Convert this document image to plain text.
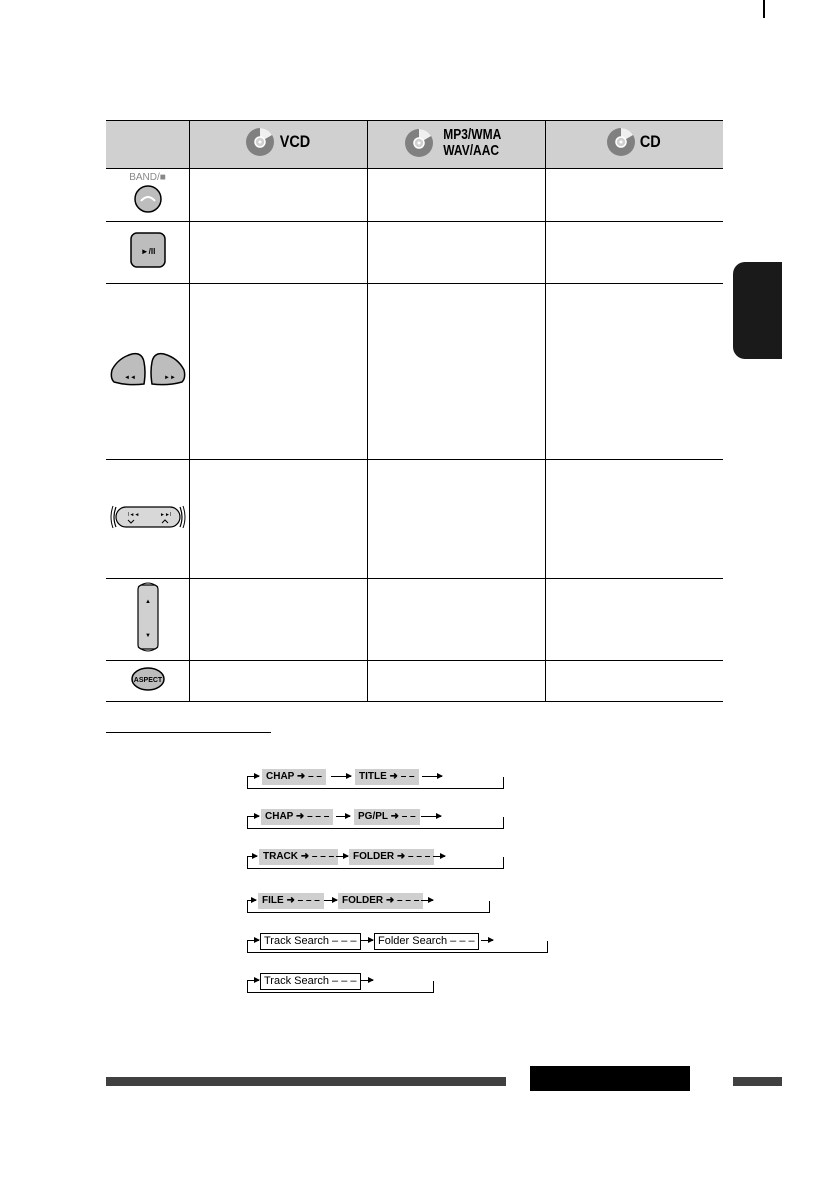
	VCD	MP3/WMA
WAV/AAC	CD

BAND/■			

►/II			

◄◄ ►►			

I◄◄ ►►I			

▲
▼			

ASPECT			

CHAP ➜ – –	TITLE ➜ – –
CHAP ➜ – – –	PG/PL ➜ – –
TRACK ➜ – – –	FOLDER ➜ – – –
FILE ➜ – – –	FOLDER ➜ – – –
Track Search – – –	Folder Search – – –
Track Search – – –
